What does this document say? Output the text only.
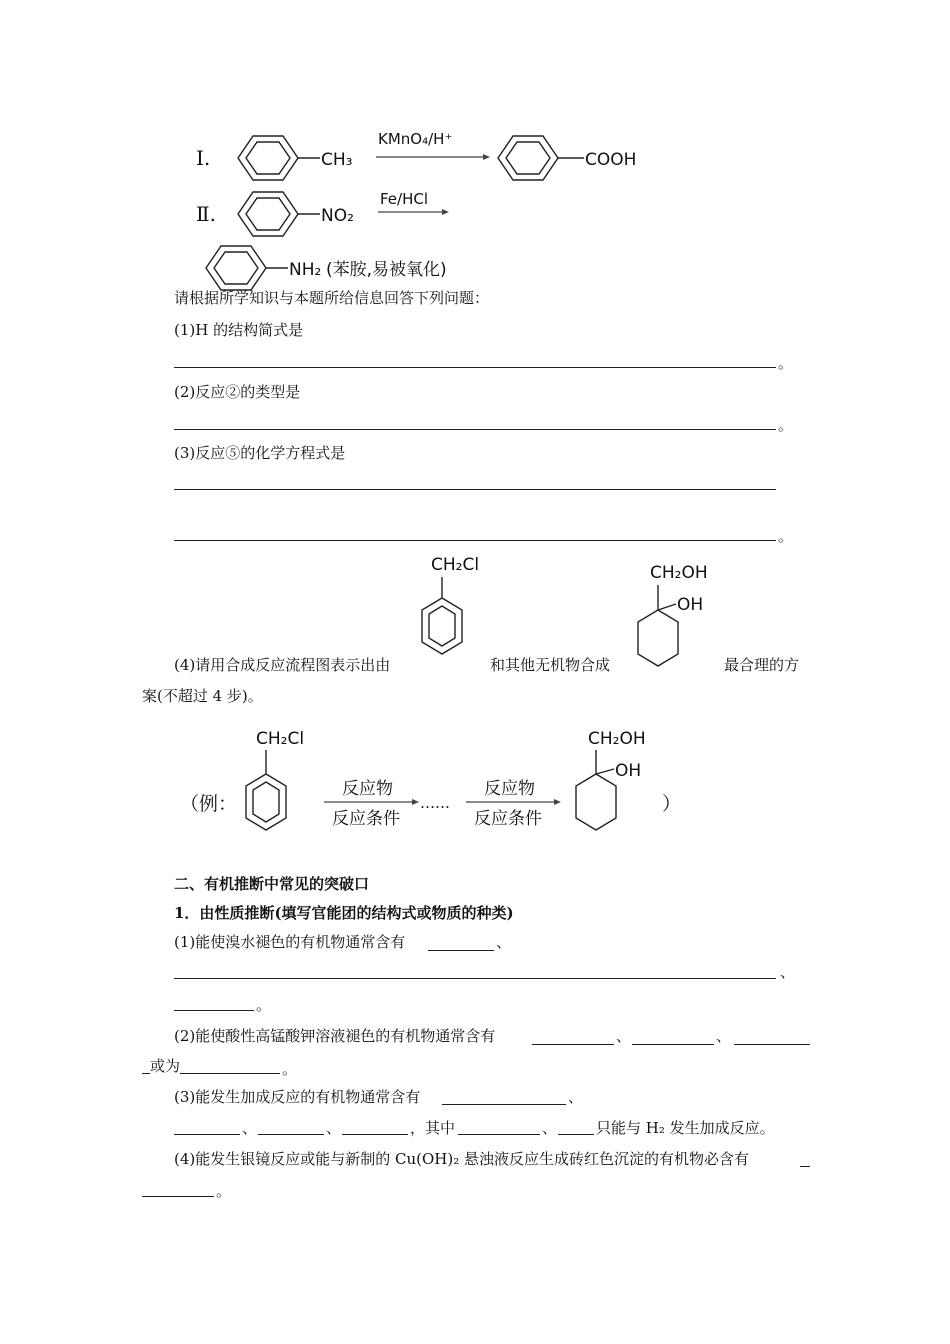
Ⅰ.	CH₃
KMnO₄/H⁺
COOH
Ⅱ.	NO₂
Fe/HCl
NH₂ (苯胺,易被氧化)
请根据所学知识与本题所给信息回答下列问题：
(1)H 的结构简式是
。
(2)反应②的类型是
。
(3)反应⑤的化学方程式是
。
CH₂Cl	CH₂OH
OH
(4)请用合成反应流程图表示出由	和其他无机物合成	最合理的方
案(不超过 4 步)。
（例：
CH₂Cl
反应物
反应条件
……
反应物
反应条件
CH₂OH
OH
）
二、有机推断中常见的突破口
1．由性质推断(填写官能团的结构式或物质的种类)
(1)能使溴水褪色的有机物通常含有	、
、
。
(2)能使酸性高锰酸钾溶液褪色的有机物通常含有	、	、
或为	。
(3)能发生加成反应的有机物通常含有	、
、	、	，其中	、	只能与 H₂ 发生加成反应。
(4)能发生银镜反应或能与新制的 Cu(OH)₂ 悬浊液反应生成砖红色沉淀的有机物必含有
。
